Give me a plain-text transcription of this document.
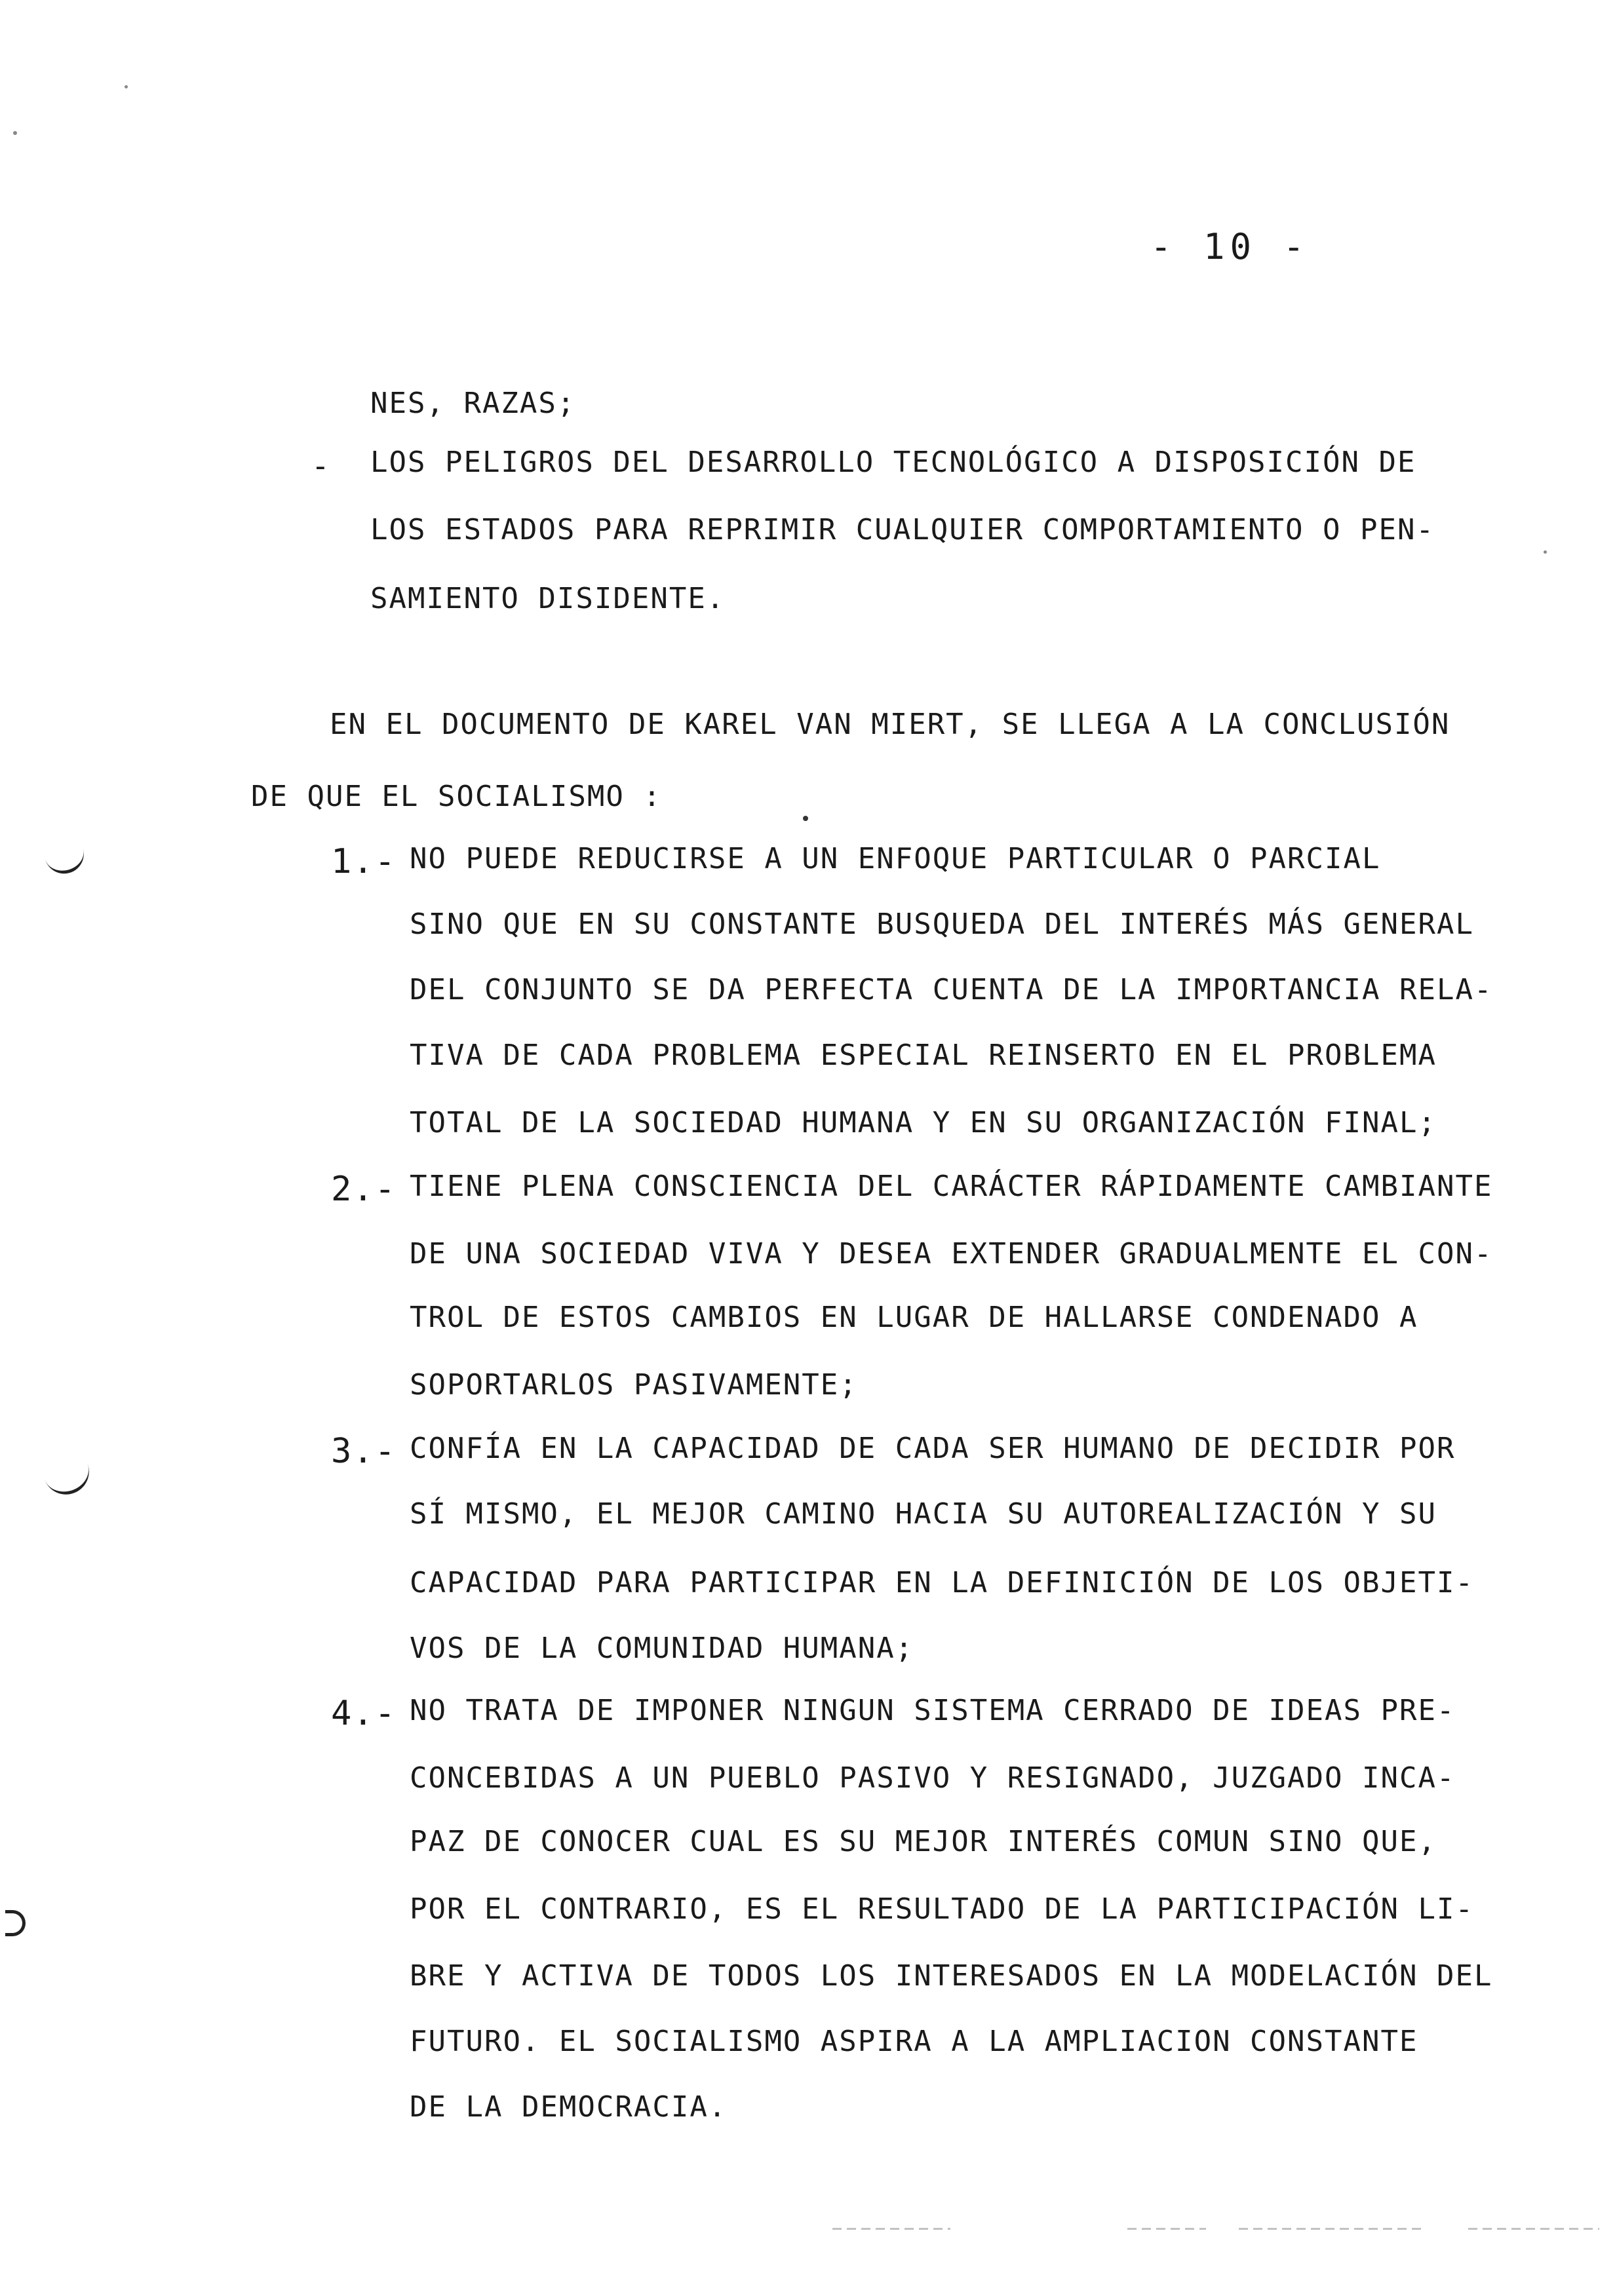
- 10 -
NES, RAZAS;
- LOS PELIGROS DEL DESARROLLO TECNOLÓGICO A DISPOSICIÓN DE
LOS ESTADOS PARA REPRIMIR CUALQUIER COMPORTAMIENTO O PEN-
SAMIENTO DISIDENTE.
EN EL DOCUMENTO DE KAREL VAN MIERT, SE LLEGA A LA CONCLUSIÓN
DE QUE EL SOCIALISMO :
1.- NO PUEDE REDUCIRSE A UN ENFOQUE PARTICULAR O PARCIAL
SINO QUE EN SU CONSTANTE BUSQUEDA DEL INTERÉS MÁS GENERAL
DEL CONJUNTO SE DA PERFECTA CUENTA DE LA IMPORTANCIA RELA-
TIVA DE CADA PROBLEMA ESPECIAL REINSERTO EN EL PROBLEMA
TOTAL DE LA SOCIEDAD HUMANA Y EN SU ORGANIZACIÓN FINAL;
2.- TIENE PLENA CONSCIENCIA DEL CARÁCTER RÁPIDAMENTE CAMBIANTE
DE UNA SOCIEDAD VIVA Y DESEA EXTENDER GRADUALMENTE EL CON-
TROL DE ESTOS CAMBIOS EN LUGAR DE HALLARSE CONDENADO A
SOPORTARLOS PASIVAMENTE;
3.- CONFÍA EN LA CAPACIDAD DE CADA SER HUMANO DE DECIDIR POR
SÍ MISMO, EL MEJOR CAMINO HACIA SU AUTOREALIZACIÓN Y SU
CAPACIDAD PARA PARTICIPAR EN LA DEFINICIÓN DE LOS OBJETI-
VOS DE LA COMUNIDAD HUMANA;
4.- NO TRATA DE IMPONER NINGUN SISTEMA CERRADO DE IDEAS PRE-
CONCEBIDAS A UN PUEBLO PASIVO Y RESIGNADO, JUZGADO INCA-
PAZ DE CONOCER CUAL ES SU MEJOR INTERÉS COMUN SINO QUE,
POR EL CONTRARIO, ES EL RESULTADO DE LA PARTICIPACIÓN LI-
BRE Y ACTIVA DE TODOS LOS INTERESADOS EN LA MODELACIÓN DEL
FUTURO. EL SOCIALISMO ASPIRA A LA AMPLIACION CONSTANTE
DE LA DEMOCRACIA.
